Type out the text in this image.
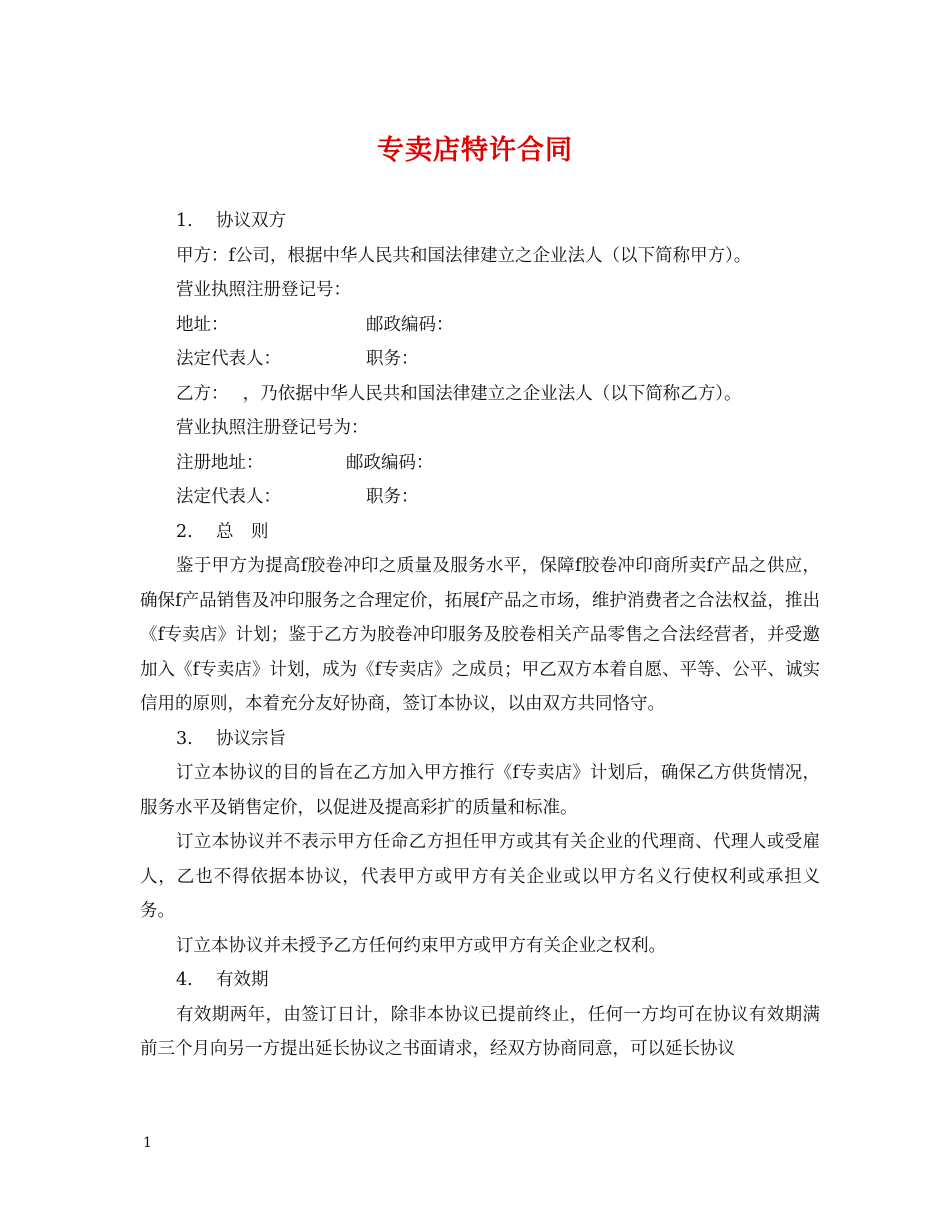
专卖店特许合同

1. 协议双方

甲方：f公司，根据中华人民共和国法律建立之企业法人（以下简称甲方）。

营业执照注册登记号：

地址：	邮政编码：

法定代表人：	职务：

乙方：　 ，乃依据中华人民共和国法律建立之企业法人（以下简称乙方）。

营业执照注册登记号为：

注册地址：	邮政编码：

法定代表人：	职务：

2. 总　则

鉴于甲方为提高f胶卷冲印之质量及服务水平，保障f胶卷冲印商所卖f产品之供应，确保f产品销售及冲印服务之合理定价，拓展f产品之市场，维护消费者之合法权益，推出《f专卖店》计划；鉴于乙方为胶卷冲印服务及胶卷相关产品零售之合法经营者，并受邀加入《f专卖店》计划，成为《f专卖店》之成员；甲乙双方本着自愿、平等、公平、诚实信用的原则，本着充分友好协商，签订本协议，以由双方共同恪守。

3. 协议宗旨

订立本协议的目的旨在乙方加入甲方推行《f专卖店》计划后，确保乙方供货情况，服务水平及销售定价，以促进及提高彩扩的质量和标准。

订立本协议并不表示甲方任命乙方担任甲方或其有关企业的代理商、代理人或受雇人，乙也不得依据本协议，代表甲方或甲方有关企业或以甲方名义行使权利或承担义务。

订立本协议并未授予乙方任何约束甲方或甲方有关企业之权利。

4. 有效期

有效期两年，由签订日计，除非本协议已提前终止，任何一方均可在协议有效期满前三个月向另一方提出延长协议之书面请求，经双方协商同意，可以延长协议

1
